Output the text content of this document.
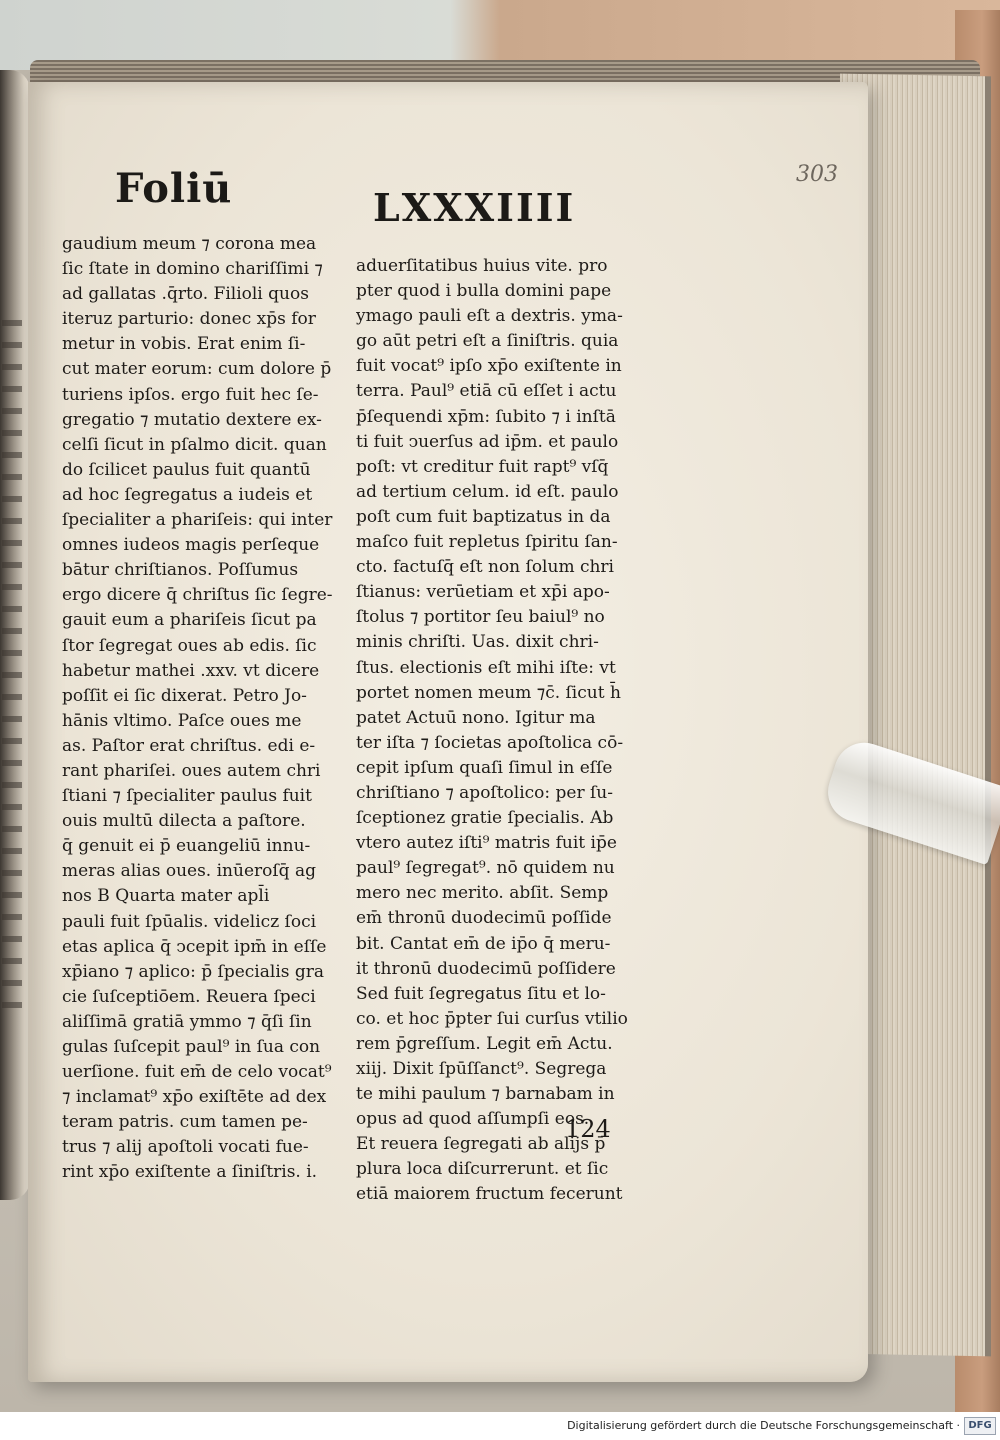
Foliū	LXXXIIII
303
gaudium meum ⁊ corona mea
ſic ſtate in domino chariſſimi ⁊
ad gallatas .q̄rto. Filioli quos
iteruz parturio: donec xp̄s for
metur in vobis. Erat enim ſi-
cut mater eorum: cum dolore p̄
turiens ipſos. ergo fuit hec ſe-
gregatio ⁊ mutatio dextere ex-
celſi ſicut in pſalmo dicit. quan
do ſcilicet paulus fuit quantū
ad hoc ſegregatus a iudeis et
ſpecialiter a phariſeis: qui inter
omnes iudeos magis perſeque
bātur chriſtianos. Poſſumus
ergo dicere q̄ chriſtus ſic ſegre-
gauit eum a phariſeis ſicut pa
ſtor ſegregat oues ab edis. ſic
habetur mathei .xxv. vt dicere
poſſit ei ſic dixerat. Petro Jo-
hānis vltimo. Paſce oues me
as. Paſtor erat chriſtus. edi e-
rant phariſei. oues autem chri
ſtiani ⁊ ſpecialiter paulus fuit
ouis multū dilecta a paſtore.
q̄ genuit ei p̄ euangeliū innu-
meras alias oues. inūeroſq̄ ag
nos B Quarta mater apl̄i
pauli fuit ſpūalis. videlicz ſoci
etas aplica q̄ ↄcepit ipm̄ in eſſe
xp̄iano ⁊ aplico: p̄ ſpecialis gra
cie ſuſceptiōem. Reuera ſpeci
aliſſimā gratiā ymmo ⁊ q̄ſi ſin
gulas ſuſcepit paul⁹ in ſua con
uerſione. fuit em̄ de celo vocat⁹
⁊ inclamat⁹ xp̄o exiſtēte ad dex
teram patris. cum tamen pe-
trus ⁊ alij apoſtoli vocati fue-
rint xp̄o exiſtente a ſiniſtris. i.
aduerſitatibus huius vite. pro
pter quod i bulla domini pape
ymago pauli eſt a dextris. yma-
go aūt petri eſt a ſiniſtris. quia
fuit vocat⁹ ipſo xp̄o exiſtente in
terra. Paul⁹ etiā cū eſſet i actu
p̄ſequendi xp̄m: ſubito ⁊ i inſtā
ti fuit ↄuerſus ad ip̄m. et paulo
poſt: vt creditur fuit rapt⁹ vſq̄
ad tertium celum. id eſt. paulo
poſt cum fuit baptizatus in da
maſco fuit repletus ſpiritu ſan-
cto. factuſq̄ eſt non ſolum chri
ſtianus: verūetiam et xp̄i apo-
ſtolus ⁊ portitor ſeu baiul⁹ no
minis chriſti. Uas. dixit chri-
ſtus. electionis eſt mihi iſte: vt
portet nomen meum ⁊c̄. ſicut h̄
patet Actuū nono. Igitur ma
ter iſta ⁊ ſocietas apoſtolica cō-
cepit ipſum quaſi ſimul in eſſe
chriſtiano ⁊ apoſtolico: per ſu-
ſceptionez gratie ſpecialis. Ab
vtero autez iſti⁹ matris fuit ip̄e
paul⁹ ſegregat⁹. nō quidem nu
mero nec merito. abſit. Semp
em̄ thronū duodecimū poſſide
bit. Cantat em̄ de ip̄o q̄ meru-
it thronū duodecimū poſſidere
Sed fuit ſegregatus ſitu et lo-
co. et hoc p̄pter ſui curſus vtilio
rem p̄greſſum. Legit em̄ Actu.
xiij. Dixit ſpūſſanct⁹. Segrega
te mihi paulum ⁊ barnabam in
opus ad quod aſſumpſi eos.
Et reuera ſegregati ab alijs p̄
plura loca diſcurrerunt. et ſic
etiā maiorem fructum fecerunt
124
Digitalisierung gefördert durch die Deutsche Forschungsgemeinschaft · DFG
